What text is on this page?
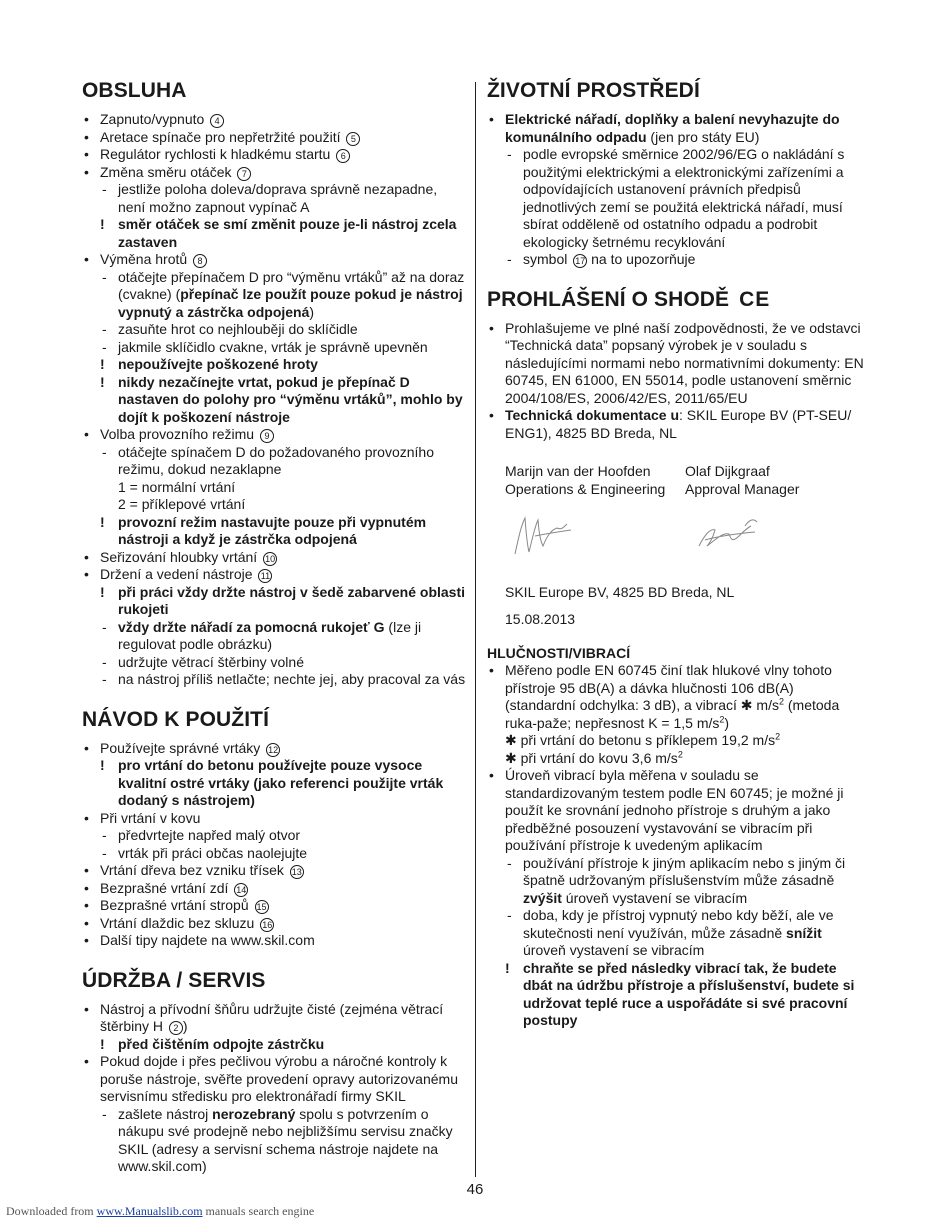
OBSLUHA
• Zapnuto/vypnuto 4
• Aretace spínače pro nepřetržité použití 5
• Regulátor rychlosti k hladkému startu 6
• Změna směru otáček 7
- jestliže poloha doleva/doprava správně nezapadne, není možno zapnout vypínač A
! směr otáček se smí změnit pouze je-li nástroj zcela zastaven
• Výměna hrotů 8
- otáčejte přepínačem D pro “výměnu vrtáků” až na doraz (cvakne) (přepínač lze použít pouze pokud je nástroj vypnutý a zástrčka odpojená)
- zasuňte hrot co nejhlouběji do sklíčidle
- jakmile sklíčidlo cvakne, vrták je správně upevněn
! nepoužívejte poškozené hroty
! nikdy nezačínejte vrtat, pokud je přepínač D nastaven do polohy pro “výměnu vrtáků”, mohlo by dojít k poškození nástroje
• Volba provozního režimu 9
- otáčejte spínačem D do požadovaného provozního režimu, dokud nezaklapne
1 = normální vrtání
2 = příklepové vrtání
! provozní režim nastavujte pouze při vypnutém nástroji a když je zástrčka odpojená
• Seřizování hloubky vrtání 10
• Držení a vedení nástroje 11
! při práci vždy držte nástroj v šedě zabarvené oblasti rukojeti
- vždy držte nářadí za pomocná rukojeť G (lze ji regulovat podle obrázku)
- udržujte větrací štěrbiny volné
- na nástroj příliš netlačte; nechte jej, aby pracoval za vás
NÁVOD K POUŽITÍ
• Používejte správné vrtáky 12
! pro vrtání do betonu používejte pouze vysoce kvalitní ostré vrtáky (jako referenci použijte vrták dodaný s nástrojem)
• Při vrtání v kovu
- předvrtejte napřed malý otvor
- vrták při práci občas naolejujte
• Vrtání dřeva bez vzniku třísek 13
• Bezprašné vrtání zdí 14
• Bezprašné vrtání stropů 15
• Vrtání dlaždic bez skluzu 16
• Další tipy najdete na www.skil.com
ÚDRŽBA / SERVIS
• Nástroj a přívodní šňůru udržujte čisté (zejména větrací štěrbiny H 2 )
! před čištěním odpojte zástrčku
• Pokud dojde i přes pečlivou výrobu a náročné kontroly k poruše nástroje, svěřte provedení opravy autorizovanému servisnímu středisku pro elektronářadí firmy SKIL
- zašlete nástroj nerozebraný spolu s potvrzením o nákupu své prodejně nebo nejbližšímu servisu značky SKIL (adresy a servisní schema nástroje najdete na www.skil.com)
ŽIVOTNÍ PROSTŘEDÍ
• Elektrické nářadí, doplňky a balení nevyhazujte do komunálního odpadu (jen pro státy EU)
- podle evropské směrnice 2002/96/EG o nakládání s použitými elektrickými a elektronickými zařízeními a odpovídajících ustanovení právních předpisů jednotlivých zemí se použitá elektrická nářadí, musí sbírat odděleně od ostatního odpadu a podrobit ekologicky šetrnému recyklování
- symbol 17 na to upozorňuje
PROHLÁŠENÍ O SHODĚ CE
• Prohlašujeme ve plné naší zodpovědnosti, že ve odstavci “Technická data” popsaný výrobek je v souladu s následujícími normami nebo normativními dokumenty: EN 60745, EN 61000, EN 55014, podle ustanovení směrnic 2004/108/ES, 2006/42/ES, 2011/65/EU
• Technická dokumentace u: SKIL Europe BV (PT-SEU/ ENG1), 4825 BD Breda, NL
Marijn van der Hoofden
Operations & Engineering
Olaf Dijkgraaf
Approval Manager
SKIL Europe BV, 4825 BD Breda, NL
15.08.2013
HLUČNOSTI/VIBRACÍ
• Měřeno podle EN 60745 činí tlak hlukové vlny tohoto přístroje 95 dB(A) a dávka hlučnosti 106 dB(A) (standardní odchylka: 3 dB), a vibrací ✱ $m/s^2$ (metoda ruka-paže; nepřesnost K = 1,5 $m/s^2$)
✱ při vrtání do betonu s příklepem 19,2 $m/s^2$
✱ při vrtání do kovu 3,6 $m/s^2$
• Úroveň vibrací byla měřena v souladu se standardizovaným testem podle EN 60745; je možné ji použít ke srovnání jednoho přístroje s druhým a jako předběžné posouzení vystavování se vibracím při používání přístroje k uvedeným aplikacím
- používání přístroje k jiným aplikacím nebo s jiným či špatně udržovaným příslušenstvím může zásadně zvýšit úroveň vystavení se vibracím
- doba, kdy je přístroj vypnutý nebo kdy běží, ale ve skutečnosti není využíván, může zásadně snížit úroveň vystavení se vibracím
! chraňte se před následky vibrací tak, že budete dbát na údržbu přístroje a příslušenství, budete si udržovat teplé ruce a uspořádáte si své pracovní postupy
46
Downloaded from www.Manualslib.com manuals search engine
